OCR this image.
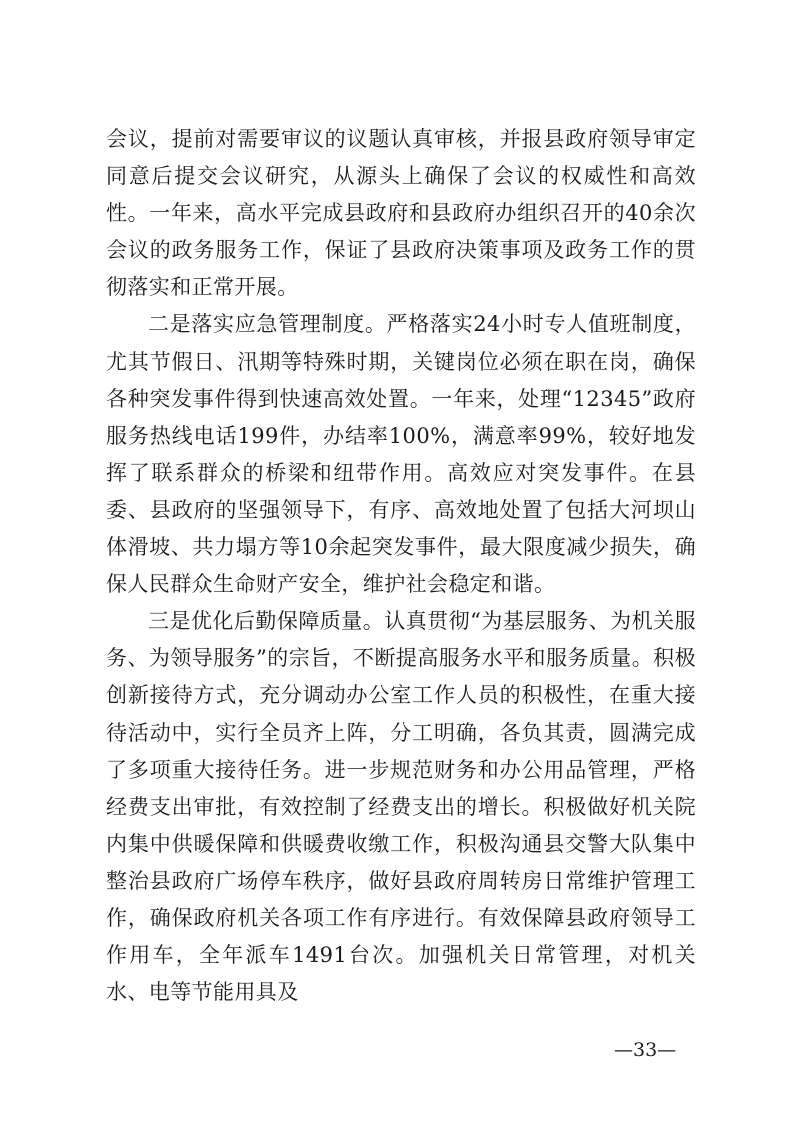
会议，提前对需要审议的议题认真审核，并报县政府领导审定同意后提交会议研究，从源头上确保了会议的权威性和高效性。一年来，高水平完成县政府和县政府办组织召开的40余次会议的政务服务工作，保证了县政府决策事项及政务工作的贯彻落实和正常开展。

二是落实应急管理制度。严格落实24小时专人值班制度，尤其节假日、汛期等特殊时期，关键岗位必须在职在岗，确保各种突发事件得到快速高效处置。一年来，处理“12345”政府服务热线电话199件，办结率100%，满意率99%，较好地发挥了联系群众的桥梁和纽带作用。高效应对突发事件。在县委、县政府的坚强领导下，有序、高效地处置了包括大河坝山体滑坡、共力塌方等10余起突发事件，最大限度减少损失，确保人民群众生命财产安全，维护社会稳定和谐。

三是优化后勤保障质量。认真贯彻“为基层服务、为机关服务、为领导服务”的宗旨，不断提高服务水平和服务质量。积极创新接待方式，充分调动办公室工作人员的积极性，在重大接待活动中，实行全员齐上阵，分工明确，各负其责，圆满完成了多项重大接待任务。进一步规范财务和办公用品管理，严格经费支出审批，有效控制了经费支出的增长。积极做好机关院内集中供暖保障和供暖费收缴工作，积极沟通县交警大队集中整治县政府广场停车秩序，做好县政府周转房日常维护管理工作，确保政府机关各项工作有序进行。有效保障县政府领导工作用车，全年派车1491台次。加强机关日常管理，对机关水、电等节能用具及

—33—
